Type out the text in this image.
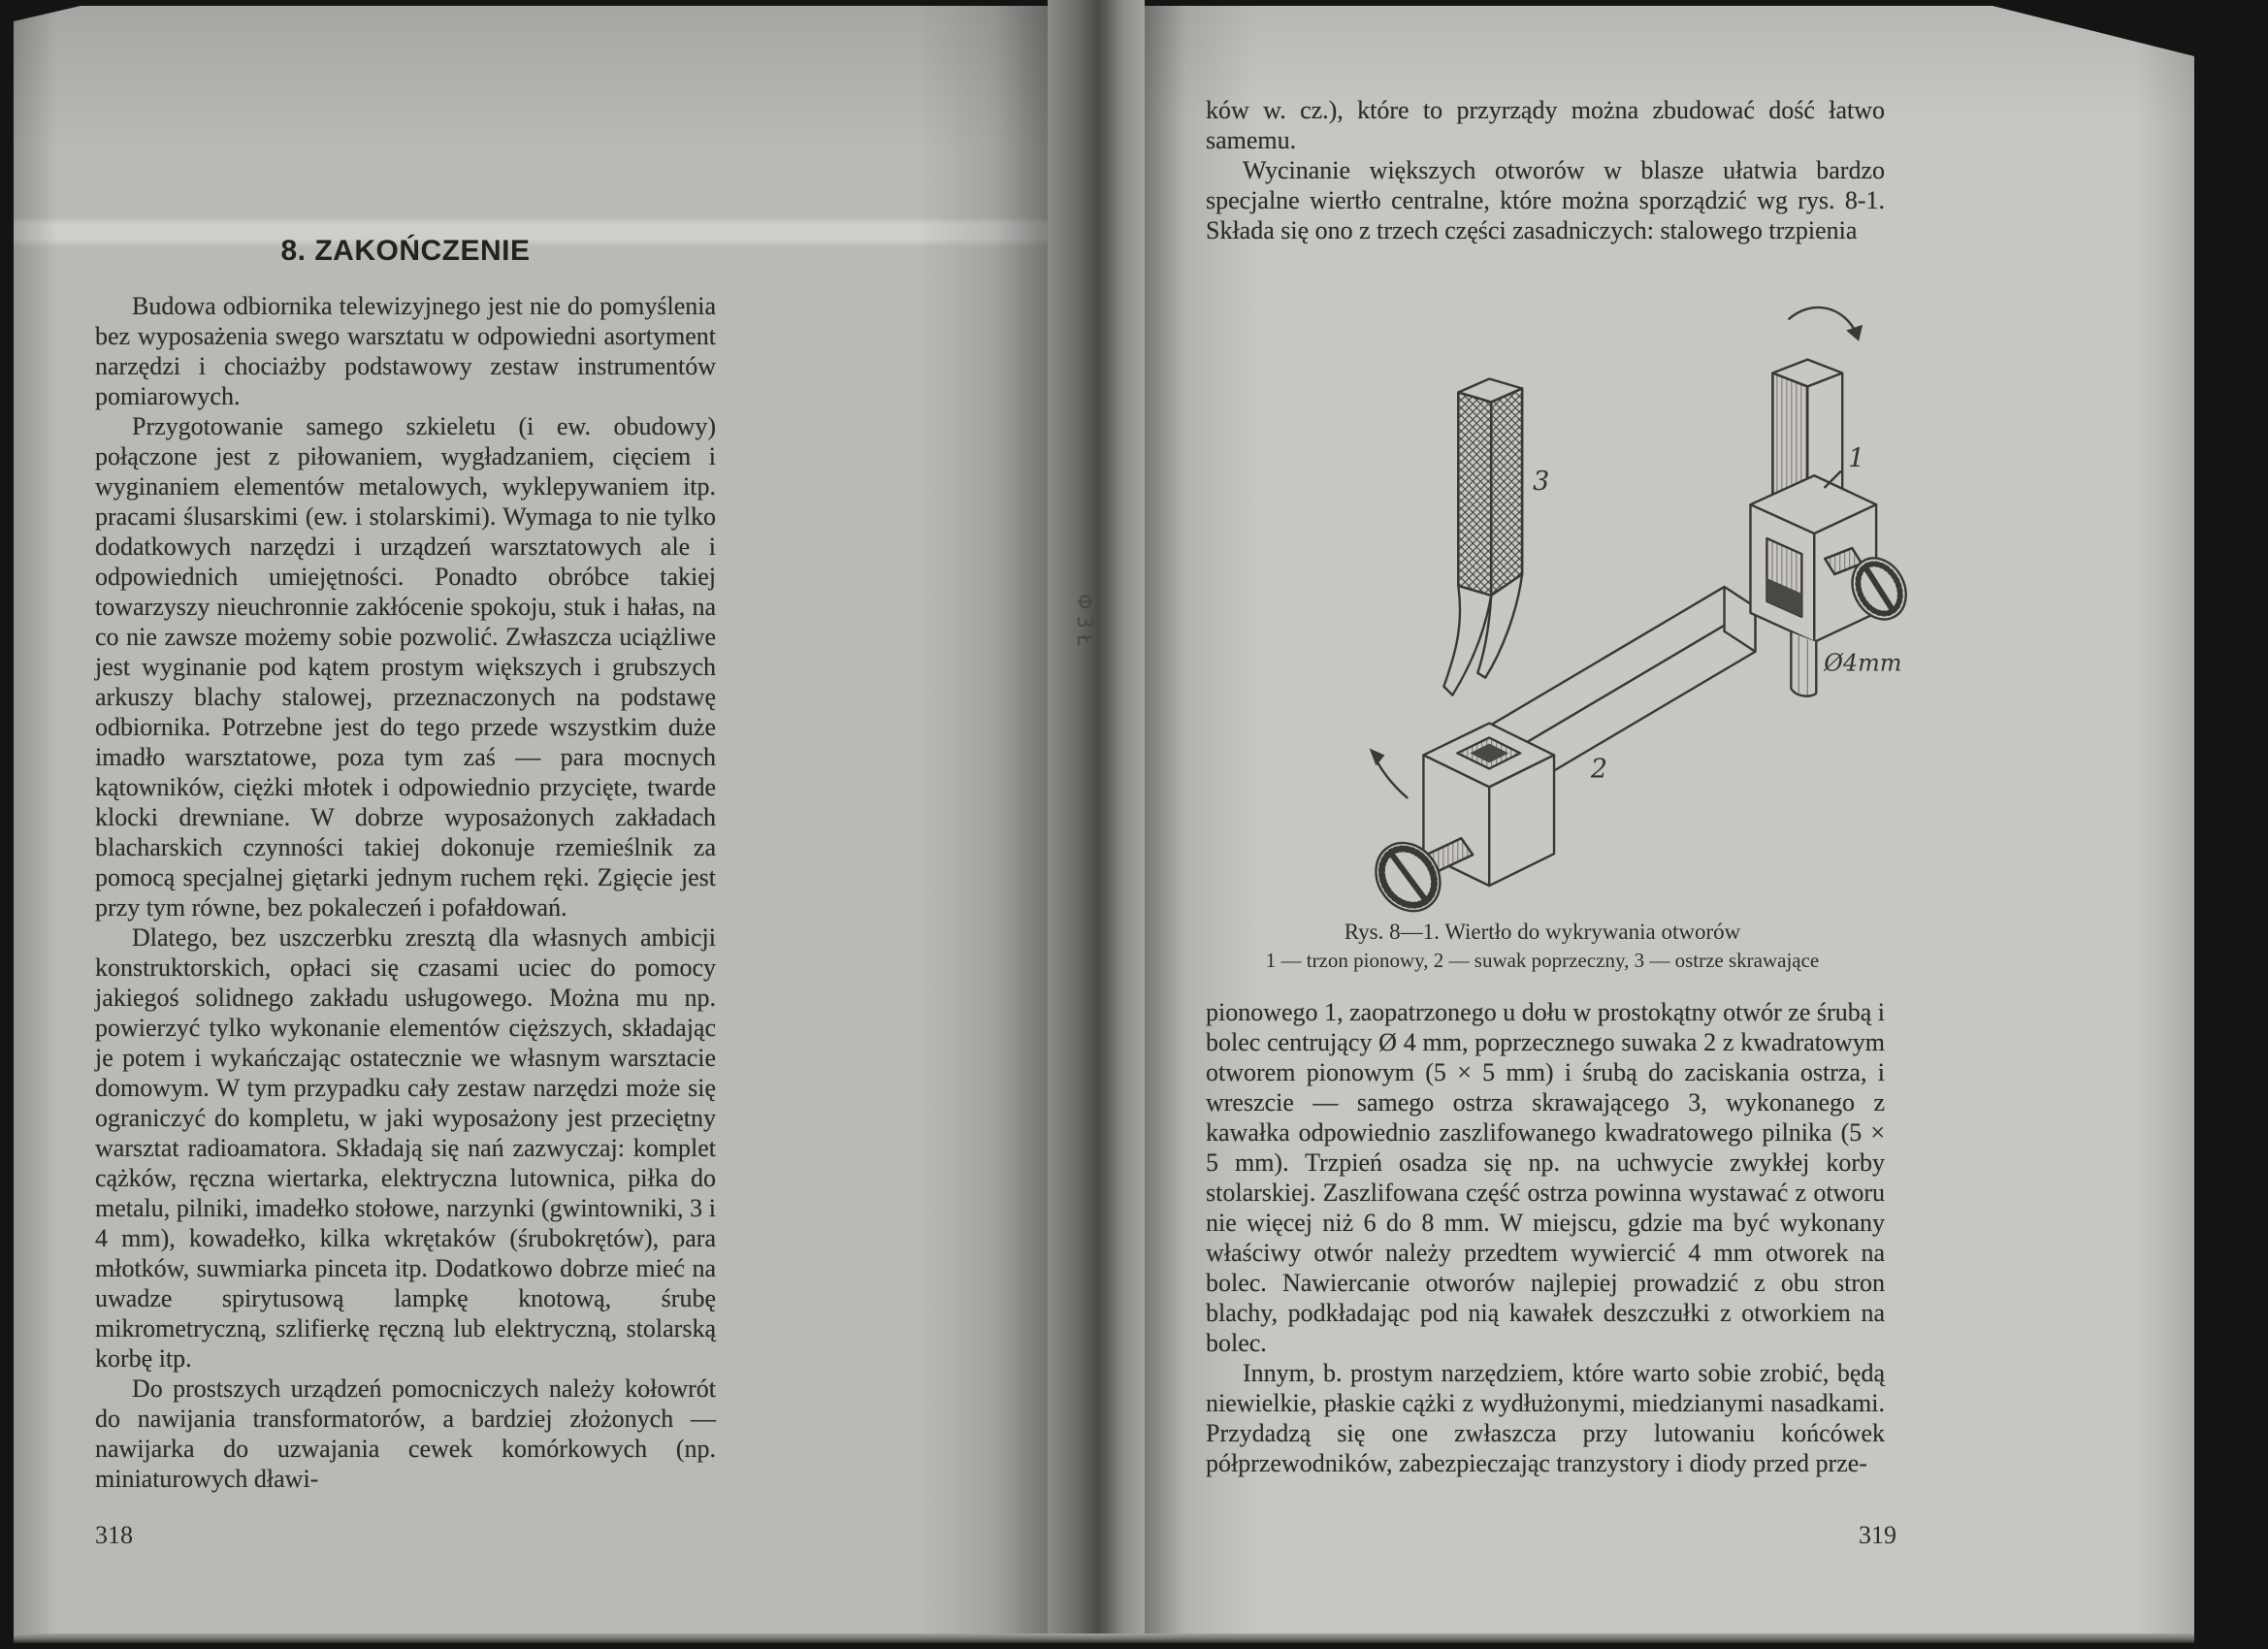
8. ZAKOŃCZENIE

Budowa odbiornika telewizyjnego jest nie do pomyślenia bez wyposażenia swego warsztatu w odpowiedni asortyment narzędzi i chociażby podstawowy zestaw instrumentów pomiarowych.

Przygotowanie samego szkieletu (i ew. obudowy) połączone jest z piłowaniem, wygładzaniem, cięciem i wyginaniem elementów metalowych, wyklepywaniem itp. pracami ślusarskimi (ew. i stolarskimi). Wymaga to nie tylko dodatkowych narzędzi i urządzeń warsztatowych ale i odpowiednich umiejętności. Ponadto obróbce takiej towarzyszy nieuchronnie zakłócenie spokoju, stuk i hałas, na co nie zawsze możemy sobie pozwolić. Zwłaszcza uciążliwe jest wyginanie pod kątem prostym większych i grubszych arkuszy blachy stalowej, przeznaczonych na podstawę odbiornika. Potrzebne jest do tego przede wszystkim duże imadło warsztatowe, poza tym zaś — para mocnych kątowników, ciężki młotek i odpowiednio przycięte, twarde klocki drewniane. W dobrze wyposażonych zakładach blacharskich czynności takiej dokonuje rzemieślnik za pomocą specjalnej giętarki jednym ruchem ręki. Zgięcie jest przy tym równe, bez pokaleczeń i pofałdowań.

Dlatego, bez uszczerbku zresztą dla własnych ambicji konstruktorskich, opłaci się czasami uciec do pomocy jakiegoś solidnego zakładu usługowego. Można mu np. powierzyć tylko wykonanie elementów cięższych, składając je potem i wykańczając ostatecznie we własnym warsztacie domowym. W tym przypadku cały zestaw narzędzi może się ograniczyć do kompletu, w jaki wyposażony jest przeciętny warsztat radioamatora. Składają się nań zazwyczaj: komplet cążków, ręczna wiertarka, elektryczna lutownica, piłka do metalu, pilniki, imadełko stołowe, narzynki (gwintowniki, 3 i 4 mm), kowadełko, kilka wkrętaków (śrubokrętów), para młotków, suwmiarka pinceta itp. Dodatkowo dobrze mieć na uwadze spirytusową lampkę knotową, śrubę mikrometryczną, szlifierkę ręczną lub elektryczną, stolarską korbę itp.

Do prostszych urządzeń pomocniczych należy kołowrót do nawijania transformatorów, a bardziej złożonych — nawijarka do uzwajania cewek komórkowych (np. miniaturowych dławi-

318
Φ3Ł

ków w. cz.), które to przyrządy można zbudować dość łatwo samemu.

Wycinanie większych otworów w blasze ułatwia bardzo specjalne wiertło centralne, które można sporządzić wg rys. 8-1. Składa się ono z trzech części zasadniczych: stalowego trzpienia

3
2
1
Ø4mm

Rys. 8—1. Wiertło do wykrywania otworów

1 — trzon pionowy, 2 — suwak poprzeczny, 3 — ostrze skrawające

pionowego 1, zaopatrzonego u dołu w prostokątny otwór ze śrubą i bolec centrujący Ø 4 mm, poprzecznego suwaka 2 z kwadratowym otworem pionowym (5 × 5 mm) i śrubą do zaciskania ostrza, i wreszcie — samego ostrza skrawającego 3, wykonanego z kawałka odpowiednio zaszlifowanego kwadratowego pilnika (5 × 5 mm). Trzpień osadza się np. na uchwycie zwykłej korby stolarskiej. Zaszlifowana część ostrza powinna wystawać z otworu nie więcej niż 6 do 8 mm. W miejscu, gdzie ma być wykonany właściwy otwór należy przedtem wywiercić 4 mm otworek na bolec. Nawiercanie otworów najlepiej prowadzić z obu stron blachy, podkładając pod nią kawałek deszczułki z otworkiem na bolec.

Innym, b. prostym narzędziem, które warto sobie zrobić, będą niewielkie, płaskie cążki z wydłużonymi, miedzianymi nasadkami. Przydadzą się one zwłaszcza przy lutowaniu końcówek półprzewodników, zabezpieczając tranzystory i diody przed prze-

319
